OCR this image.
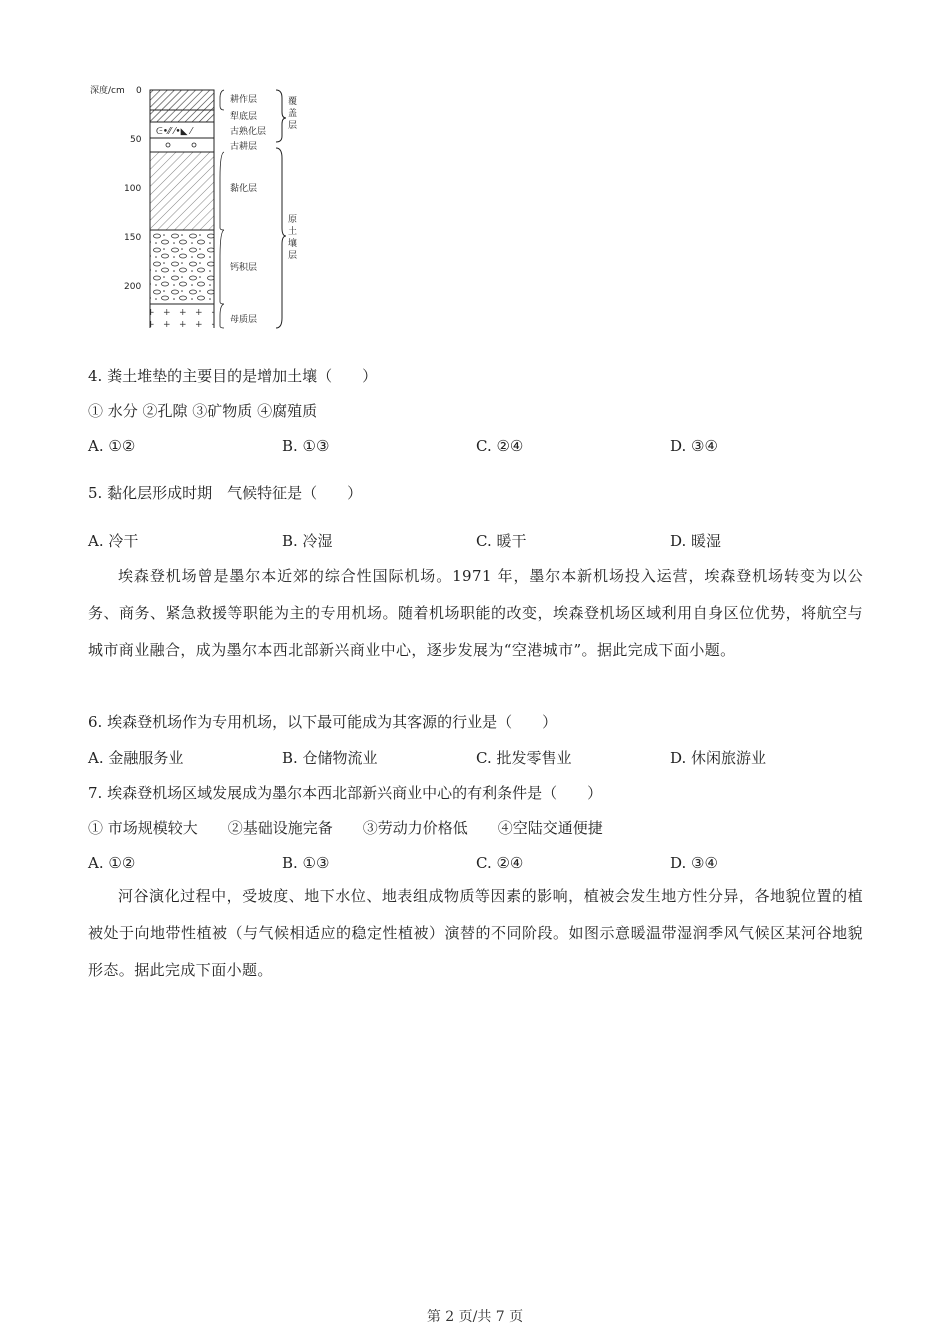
深度/cm 0
50
100
150
200
ᕮ•⁄⁄ ⁄•◣ ⁄
耕作层
犁底层
古熟化层
古耕层
黏化层
钙积层
母质层
覆
盖
层
原
土
壤
层
4. 粪土堆垫的主要目的是增加土壤（　　）
① 水分 ②孔隙 ③矿物质 ④腐殖质
A. ①②	B. ①③	C. ②④	D. ③④
5. 黏化层形成时期　气候特征是（　　）
A. 冷干	B. 冷湿	C. 暖干	D. 暖湿
埃森登机场曾是墨尔本近郊的综合性国际机场。1971 年，墨尔本新机场投入运营，埃森登机场转变为以公务、商务、紧急救援等职能为主的专用机场。随着机场职能的改变，埃森登机场区域利用自身区位优势，将航空与城市商业融合，成为墨尔本西北部新兴商业中心，逐步发展为“空港城市”。据此完成下面小题。
6. 埃森登机场作为专用机场，以下最可能成为其客源的行业是（　　）
A. 金融服务业	B. 仓储物流业	C. 批发零售业	D. 休闲旅游业
7. 埃森登机场区域发展成为墨尔本西北部新兴商业中心的有利条件是（　　）
① 市场规模较大　　②基础设施完备　　③劳动力价格低　　④空陆交通便捷
A. ①②	B. ①③	C. ②④	D. ③④
河谷演化过程中，受坡度、地下水位、地表组成物质等因素的影响，植被会发生地方性分异，各地貌位置的植被处于向地带性植被（与气候相适应的稳定性植被）演替的不同阶段。如图示意暖温带湿润季风气候区某河谷地貌形态。据此完成下面小题。
第 2 页/共 7 页
